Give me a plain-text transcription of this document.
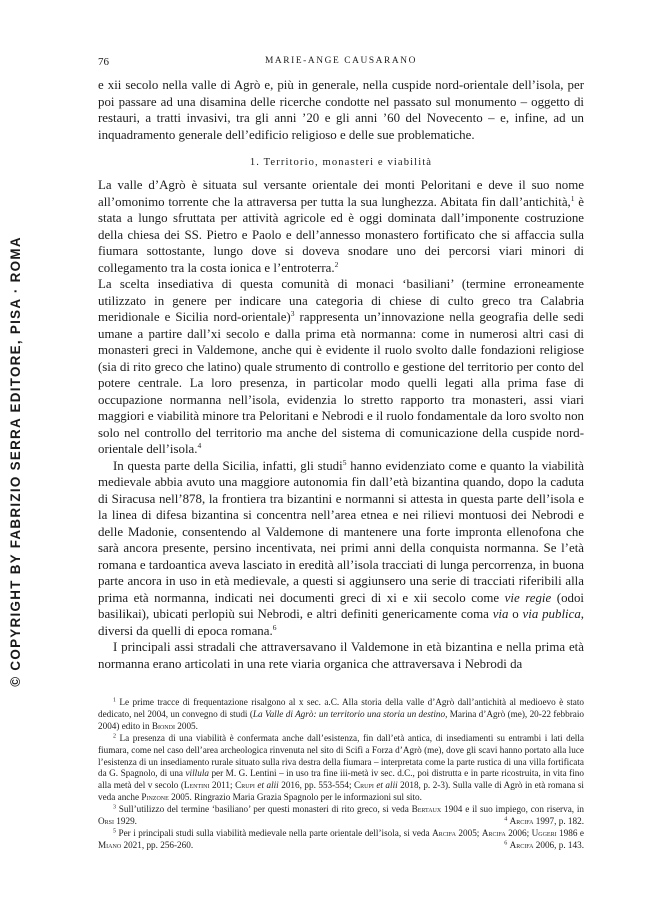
© COPYRIGHT BY FABRIZIO SERRA EDITORE, PISA · ROMA
76	MARIE-ANGE CAUSARANO

e xii secolo nella valle di Agrò e, più in generale, nella cuspide nord-orientale dell’isola, per poi passare ad una disamina delle ricerche condotte nel passato sul monumento – oggetto di restauri, a tratti invasivi, tra gli anni ’20 e gli anni ’60 del Novecento – e, infine, ad un inquadramento generale dell’edificio religioso e delle sue problematiche.

1. Territorio, monasteri e viabilità

La valle d’Agrò è situata sul versante orientale dei monti Peloritani e deve il suo nome all’omonimo torrente che la attraversa per tutta la sua lunghezza. Abitata fin dall’antichità,$^1$ è stata a lungo sfruttata per attività agricole ed è oggi dominata dall’imponente costruzione della chiesa dei SS. Pietro e Paolo e dell’annesso monastero fortificato che si affaccia sulla fiumara sottostante, lungo dove si doveva snodare uno dei percorsi viari minori di collegamento tra la costa ionica e l’entroterra.$^2$

La scelta insediativa di questa comunità di monaci ‘basiliani’ (termine erroneamente utilizzato in genere per indicare una categoria di chiese di culto greco tra Calabria meridionale e Sicilia nord-orientale)$^3$ rappresenta un’innovazione nella geografia delle sedi umane a partire dall’xi secolo e dalla prima età normanna: come in numerosi altri casi di monasteri greci in Valdemone, anche qui è evidente il ruolo svolto dalle fondazioni religiose (sia di rito greco che latino) quale strumento di controllo e gestione del territorio per conto del potere centrale. La loro presenza, in particolar modo quelli legati alla prima fase di occupazione normanna nell’isola, evidenzia lo stretto rapporto tra monasteri, assi viari maggiori e viabilità minore tra Peloritani e Nebrodi e il ruolo fondamentale da loro svolto non solo nel controllo del territorio ma anche del sistema di comunicazione della cuspide nord-orientale dell’isola.$^4$

In questa parte della Sicilia, infatti, gli studi$^5$ hanno evidenziato come e quanto la viabilità medievale abbia avuto una maggiore autonomia fin dall’età bizantina quando, dopo la caduta di Siracusa nell’878, la frontiera tra bizantini e normanni si attesta in questa parte dell’isola e la linea di difesa bizantina si concentra nell’area etnea e nei rilievi montuosi dei Nebrodi e delle Madonie, consentendo al Valdemone di mantenere una forte impronta ellenofona che sarà ancora presente, persino incentivata, nei primi anni della conquista normanna. Se l’età romana e tardoantica aveva lasciato in eredità all’isola tracciati di lunga percorrenza, in buona parte ancora in uso in età medievale, a questi si aggiunsero una serie di tracciati riferibili alla prima età normanna, indicati nei documenti greci di xi e xii secolo come vie regie (odoi basilikai), ubicati perlopiù sui Nebrodi, e altri definiti genericamente coma via o via publica, diversi da quelli di epoca romana.$^6$

I principali assi stradali che attraversavano il Valdemone in età bizantina e nella prima età normanna erano articolati in una rete viaria organica che attraversava i Nebrodi da

$^1$ Le prime tracce di frequentazione risalgono al x sec. a.C. Alla storia della valle d’Agrò dall’antichità al medioevo è stato dedicato, nel 2004, un convegno di studi (La Valle di Agrò: un territorio una storia un destino, Marina d’Agrò (me), 20-22 febbraio 2004) edito in Biondi 2005.

$^2$ La presenza di una viabilità è confermata anche dall’esistenza, fin dall’età antica, di insediamenti su entrambi i lati della fiumara, come nel caso dell’area archeologica rinvenuta nel sito di Scifì a Forza d’Agrò (me), dove gli scavi hanno portato alla luce l’esistenza di un insediamento rurale situato sulla riva destra della fiumara – interpretata come la parte rustica di una villa fortificata da G. Spagnolo, di una villula per M. G. Lentini – in uso tra fine iii-metà iv sec. d.C., poi distrutta e in parte ricostruita, in vita fino alla metà del v secolo (Lentini 2011; Crupi et alii 2016, pp. 553-554; Crupi et alii 2018, p. 2-3). Sulla valle di Agrò in età romana si veda anche Pinzone 2005. Ringrazio Maria Grazia Spagnolo per le informazioni sul sito.

$^3$ Sull’utilizzo del termine ‘basiliano’ per questi monasteri di rito greco, si veda Bertaux 1904 e il suo impiego, con riserva, in Orsi 1929.	$^4$ Arcifa 1997, p. 182.

$^5$ Per i principali studi sulla viabilità medievale nella parte orientale dell’isola, si veda Arcifa 2005; Arcifa 2006; Uggeri 1986 e Miano 2021, pp. 256-260.	$^6$ Arcifa 2006, p. 143.
